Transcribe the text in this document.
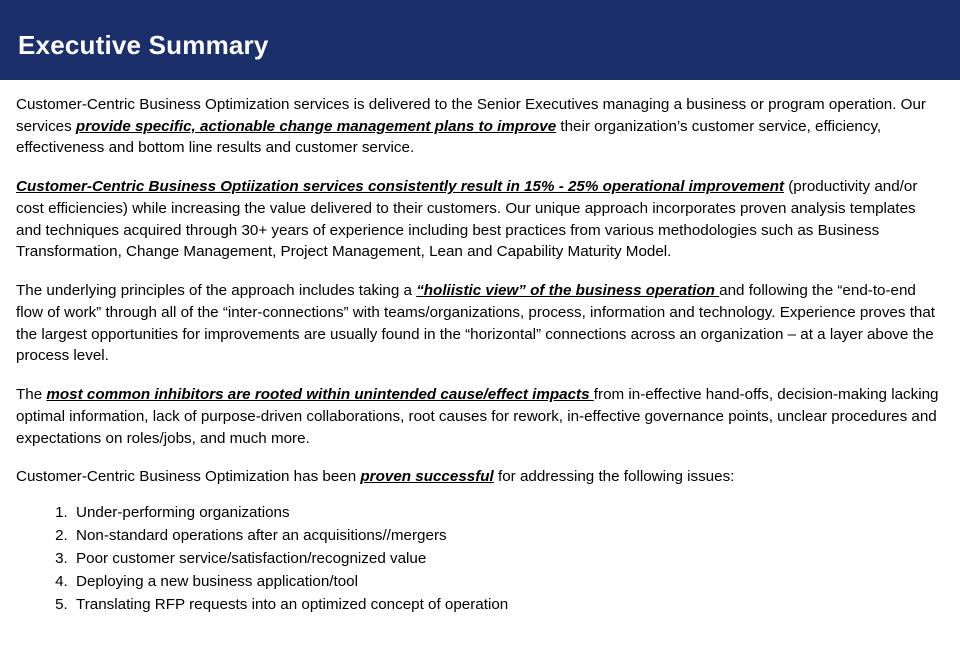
Executive Summary

Customer-Centric Business Optimization services is delivered to the Senior Executives managing a business or program operation. Our services provide specific, actionable change management plans to improve their organization’s customer service, efficiency, effectiveness and bottom line results and customer service.

Customer-Centric Business Optiization services consistently result in 15% - 25% operational improvement (productivity and/or cost efficiencies) while increasing the value delivered to their customers. Our unique approach incorporates proven analysis templates and techniques acquired through 30+ years of experience including best practices from various methodologies such as Business Transformation, Change Management, Project Management, Lean and Capability Maturity Model.

The underlying principles of the approach includes taking a “holiistic view” of the business operation and following the “end-to-end flow of work” through all of the “inter-connections” with teams/organizations, process, information and technology. Experience proves that the largest opportunities for improvements are usually found in the “horizontal” connections across an organization – at a layer above the process level.

The most common inhibitors are rooted within unintended cause/effect impacts from in-effective hand-offs, decision-making lacking optimal information, lack of purpose-driven collaborations, root causes for rework, in-effective governance points, unclear procedures and expectations on roles/jobs, and much more.

Customer-Centric Business Optimization has been proven successful for addressing the following issues:

1. Under-performing organizations
2. Non-standard operations after an acquisitions//mergers
3. Poor customer service/satisfaction/recognized value
4. Deploying a new business application/tool
5. Translating RFP requests into an optimized concept of operation
